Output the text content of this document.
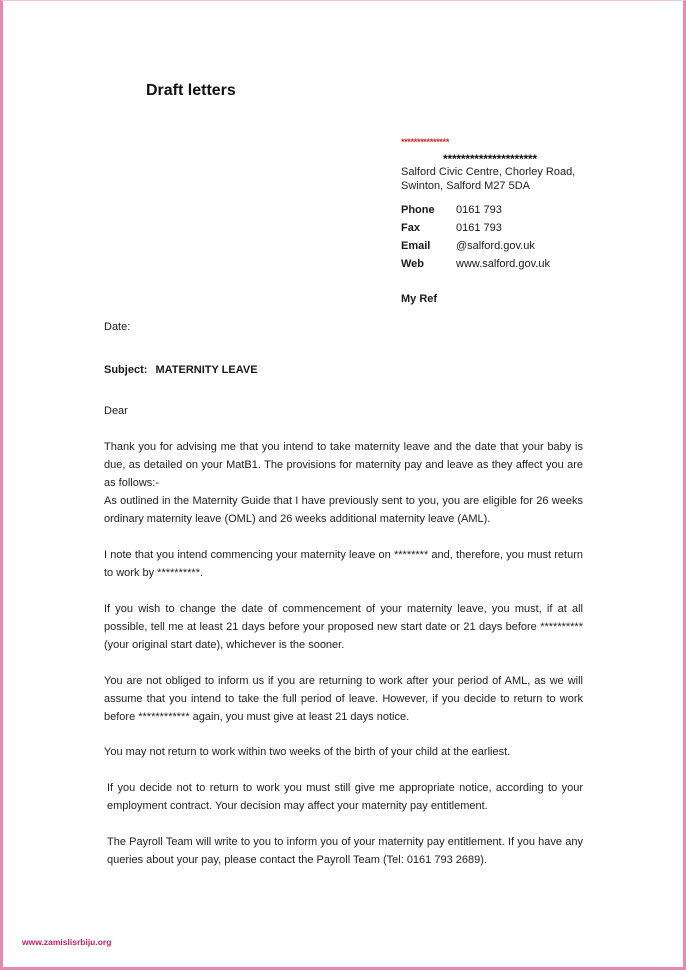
Draft letters
***************
*********************
Salford Civic Centre, Chorley Road,
Swinton, Salford M27 5DA
Phone 0161 793
Fax	0161 793
Email @salford.gov.uk
Web	www.salford.gov.uk
My Ref
Date:
Subject: MATERNITY LEAVE
Dear
Thank you for advising me that you intend to take maternity leave and the date that your baby is due, as detailed on your MatB1. The provisions for maternity pay and leave as they affect you are as follows:-
As outlined in the Maternity Guide that I have previously sent to you, you are eligible for 26 weeks ordinary maternity leave (OML) and 26 weeks additional maternity leave (AML).
I note that you intend commencing your maternity leave on ******** and, therefore, you must return to work by **********.
If you wish to change the date of commencement of your maternity leave, you must, if at all possible, tell me at least 21 days before your proposed new start date or 21 days before ********** (your original start date), whichever is the sooner.
You are not obliged to inform us if you are returning to work after your period of AML, as we will assume that you intend to take the full period of leave. However, if you decide to return to work before ************ again, you must give at least 21 days notice.
You may not return to work within two weeks of the birth of your child at the earliest.
If you decide not to return to work you must still give me appropriate notice, according to your employment contract. Your decision may affect your maternity pay entitlement.
The Payroll Team will write to you to inform you of your maternity pay entitlement. If you have any queries about your pay, please contact the Payroll Team (Tel: 0161 793 2689).
www.zamislisrbiju.org
